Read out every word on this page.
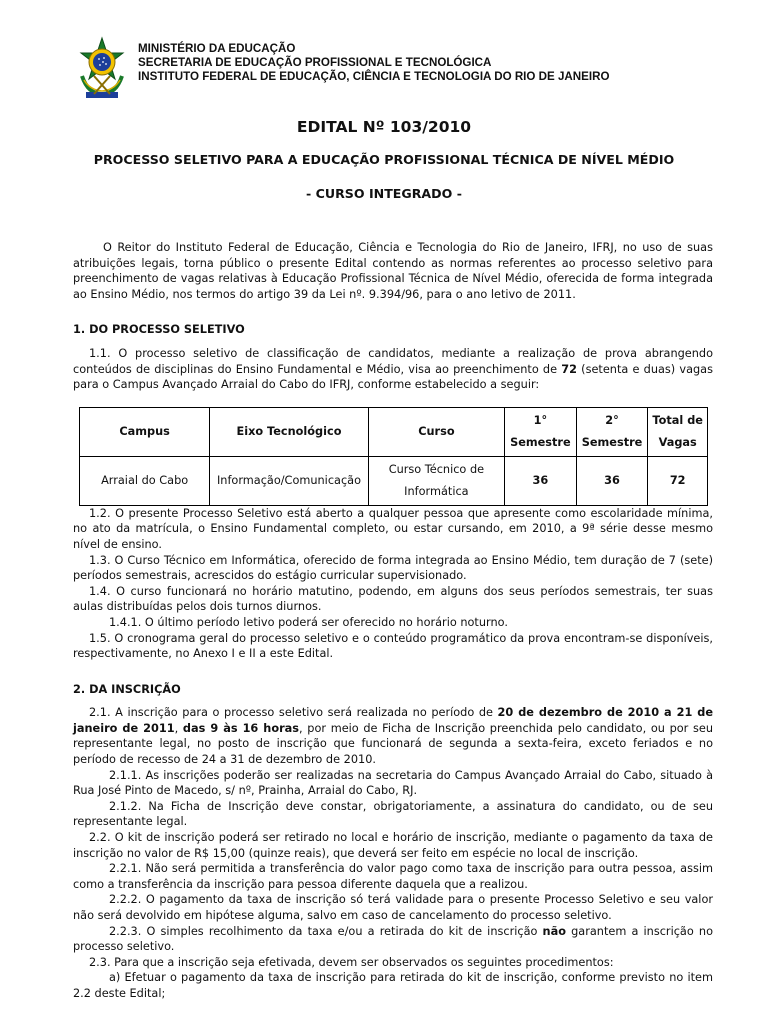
MINISTÉRIO DA EDUCAÇÃO
SECRETARIA DE EDUCAÇÃO PROFISSIONAL E TECNOLÓGICA
INSTITUTO FEDERAL DE EDUCAÇÃO, CIÊNCIA E TECNOLOGIA DO RIO DE JANEIRO
EDITAL Nº 103/2010
PROCESSO SELETIVO PARA A EDUCAÇÃO PROFISSIONAL TÉCNICA DE NÍVEL MÉDIO
- CURSO INTEGRADO -

O Reitor do Instituto Federal de Educação, Ciência e Tecnologia do Rio de Janeiro, IFRJ, no uso de suas atribuições legais, torna público o presente Edital contendo as normas referentes ao processo seletivo para preenchimento de vagas relativas à Educação Profissional Técnica de Nível Médio, oferecida de forma integrada ao Ensino Médio, nos termos do artigo 39 da Lei nº. 9.394/96, para o ano letivo de 2011.

1. DO PROCESSO SELETIVO

1.1. O processo seletivo de classificação de candidatos, mediante a realização de prova abrangendo conteúdos de disciplinas do Ensino Fundamental e Médio, visa ao preenchimento de 72 (setenta e duas) vagas para o Campus Avançado Arraial do Cabo do IFRJ, conforme estabelecido a seguir:

Campus	Eixo Tecnológico	Curso	1° Semestre	2° Semestre	Total de Vagas
Arraial do Cabo	Informação/Comunicação	Curso Técnico de Informática	36	36	72

1.2. O presente Processo Seletivo está aberto a qualquer pessoa que apresente como escolaridade mínima, no ato da matrícula, o Ensino Fundamental completo, ou estar cursando, em 2010, a 9ª série desse mesmo nível de ensino.

1.3. O Curso Técnico em Informática, oferecido de forma integrada ao Ensino Médio, tem duração de 7 (sete) períodos semestrais, acrescidos do estágio curricular supervisionado.

1.4. O curso funcionará no horário matutino, podendo, em alguns dos seus períodos semestrais, ter suas aulas distribuídas pelos dois turnos diurnos.

1.4.1. O último período letivo poderá ser oferecido no horário noturno.

1.5. O cronograma geral do processo seletivo e o conteúdo programático da prova encontram-se disponíveis, respectivamente, no Anexo I e II a este Edital.

2. DA INSCRIÇÃO

2.1. A inscrição para o processo seletivo será realizada no período de 20 de dezembro de 2010 a 21 de janeiro de 2011, das 9 às 16 horas, por meio de Ficha de Inscrição preenchida pelo candidato, ou por seu representante legal, no posto de inscrição que funcionará de segunda a sexta-feira, exceto feriados e no período de recesso de 24 a 31 de dezembro de 2010.

2.1.1. As inscrições poderão ser realizadas na secretaria do Campus Avançado Arraial do Cabo, situado à Rua José Pinto de Macedo, s/ nº, Prainha, Arraial do Cabo, RJ.

2.1.2. Na Ficha de Inscrição deve constar, obrigatoriamente, a assinatura do candidato, ou de seu representante legal.

2.2. O kit de inscrição poderá ser retirado no local e horário de inscrição, mediante o pagamento da taxa de inscrição no valor de R$ 15,00 (quinze reais), que deverá ser feito em espécie no local de inscrição.

2.2.1. Não será permitida a transferência do valor pago como taxa de inscrição para outra pessoa, assim como a transferência da inscrição para pessoa diferente daquela que a realizou.

2.2.2. O pagamento da taxa de inscrição só terá validade para o presente Processo Seletivo e seu valor não será devolvido em hipótese alguma, salvo em caso de cancelamento do processo seletivo.

2.2.3. O simples recolhimento da taxa e/ou a retirada do kit de inscrição não garantem a inscrição no processo seletivo.

2.3. Para que a inscrição seja efetivada, devem ser observados os seguintes procedimentos:

a) Efetuar o pagamento da taxa de inscrição para retirada do kit de inscrição, conforme previsto no item 2.2 deste Edital;
